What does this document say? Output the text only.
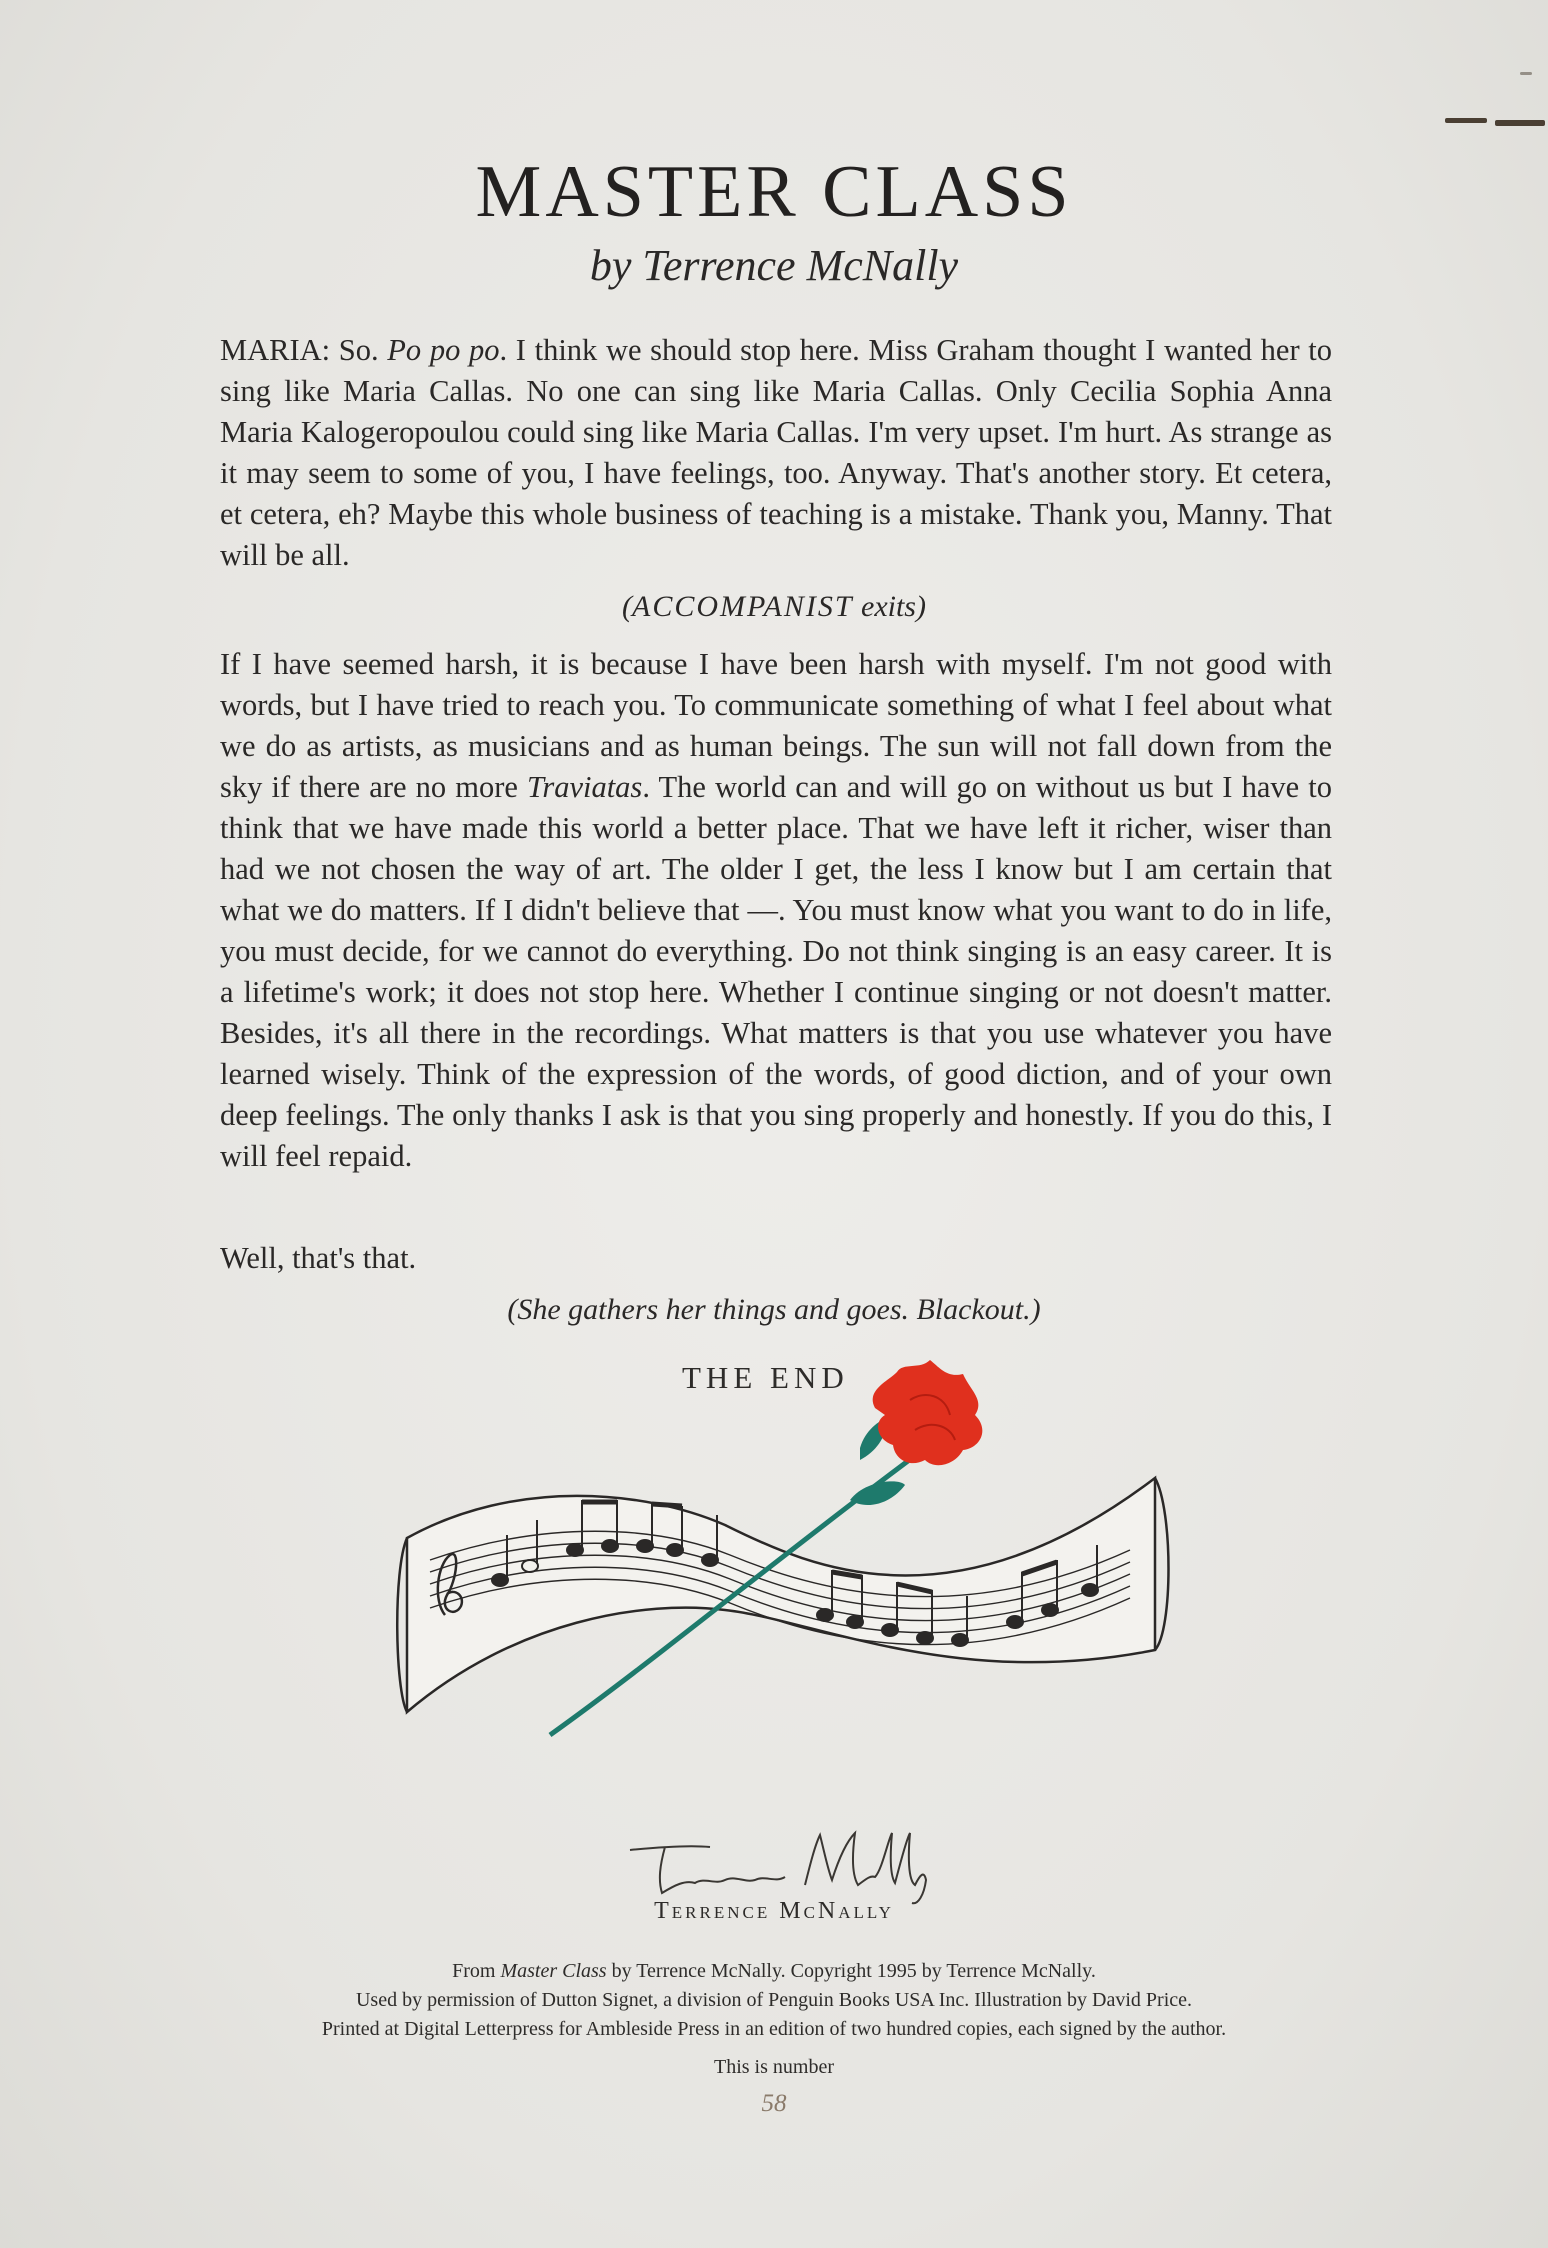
MASTER CLASS
by Terrence McNally
MARIA: So. Po po po. I think we should stop here. Miss Graham thought I wanted her to sing like Maria Callas. No one can sing like Maria Callas. Only Cecilia Sophia Anna Maria Kalogeropoulou could sing like Maria Callas. I'm very upset. I'm hurt. As strange as it may seem to some of you, I have feelings, too. Anyway. That's another story. Et cetera, et cetera, eh? Maybe this whole business of teaching is a mistake. Thank you, Manny. That will be all.
(ACCOMPANIST exits)
If I have seemed harsh, it is because I have been harsh with myself. I'm not good with words, but I have tried to reach you. To communicate something of what I feel about what we do as artists, as musicians and as human beings. The sun will not fall down from the sky if there are no more Traviatas. The world can and will go on without us but I have to think that we have made this world a better place. That we have left it richer, wiser than had we not chosen the way of art. The older I get, the less I know but I am certain that what we do matters. If I didn't believe that —. You must know what you want to do in life, you must decide, for we cannot do everything. Do not think singing is an easy career. It is a lifetime's work; it does not stop here. Whether I continue singing or not doesn't matter. Besides, it's all there in the recordings. What matters is that you use whatever you have learned wisely. Think of the expression of the words, of good diction, and of your own deep feelings. The only thanks I ask is that you sing properly and honestly. If you do this, I will feel repaid.
Well, that's that.
(She gathers her things and goes. Blackout.)
THE END
Terrence McNally
From Master Class by Terrence McNally. Copyright 1995 by Terrence McNally.
Used by permission of Dutton Signet, a division of Penguin Books USA Inc. Illustration by David Price.
Printed at Digital Letterpress for Ambleside Press in an edition of two hundred copies, each signed by the author.
This is number
58
